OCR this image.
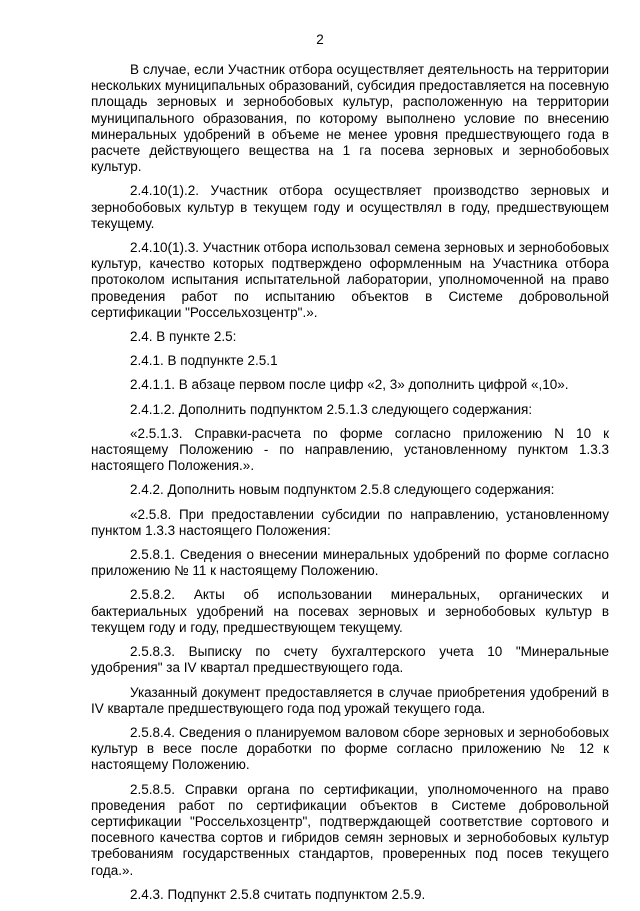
2

В случае, если Участник отбора осуществляет деятельность на территории нескольких муниципальных образований, субсидия предоставляется на посевную площадь зерновых и зернобобовых культур, расположенную на территории муниципального образования, по которому выполнено условие по внесению минеральных удобрений в объеме не менее уровня предшествующего года в расчете действующего вещества на 1 га посева зерновых и зернобобовых культур.

2.4.10(1).2. Участник отбора осуществляет производство зерновых и зернобобовых культур в текущем году и осуществлял в году, предшествующем текущему.

2.4.10(1).3. Участник отбора использовал семена зерновых и зернобобовых культур, качество которых подтверждено оформленным на Участника отбора протоколом испытания испытательной лаборатории, уполномоченной на право проведения работ по испытанию объектов в Системе добровольной сертификации "Россельхозцентр".».

2.4. В пункте 2.5:

2.4.1. В подпункте 2.5.1

2.4.1.1. В абзаце первом после цифр «2, 3» дополнить цифрой «,10».

2.4.1.2. Дополнить подпунктом 2.5.1.3 следующего содержания:

«2.5.1.3. Справки-расчета по форме согласно приложению N 10 к настоящему Положению - по направлению, установленному пунктом 1.3.3 настоящего Положения.».

2.4.2. Дополнить новым подпунктом 2.5.8 следующего содержания:

«2.5.8. При предоставлении субсидии по направлению, установленному пунктом 1.3.3 настоящего Положения:

2.5.8.1. Сведения о внесении минеральных удобрений по форме согласно приложению № 11 к настоящему Положению.

2.5.8.2. Акты об использовании минеральных, органических и бактериальных удобрений на посевах зерновых и зернобобовых культур в текущем году и году, предшествующем текущему.

2.5.8.3. Выписку по счету бухгалтерского учета 10 "Минеральные удобрения" за IV квартал предшествующего года.

Указанный документ предоставляется в случае приобретения удобрений в IV квартале предшествующего года под урожай текущего года.

2.5.8.4. Сведения о планируемом валовом сборе зерновых и зернобобовых культур в весе после доработки по форме согласно приложению № 12 к настоящему Положению.

2.5.8.5. Справки органа по сертификации, уполномоченного на право проведения работ по сертификации объектов в Системе добровольной сертификации "Россельхозцентр", подтверждающей соответствие сортового и посевного качества сортов и гибридов семян зерновых и зернобобовых культур требованиям государственных стандартов, проверенных под посев текущего года.».

2.4.3. Подпункт 2.5.8 считать подпунктом 2.5.9.
